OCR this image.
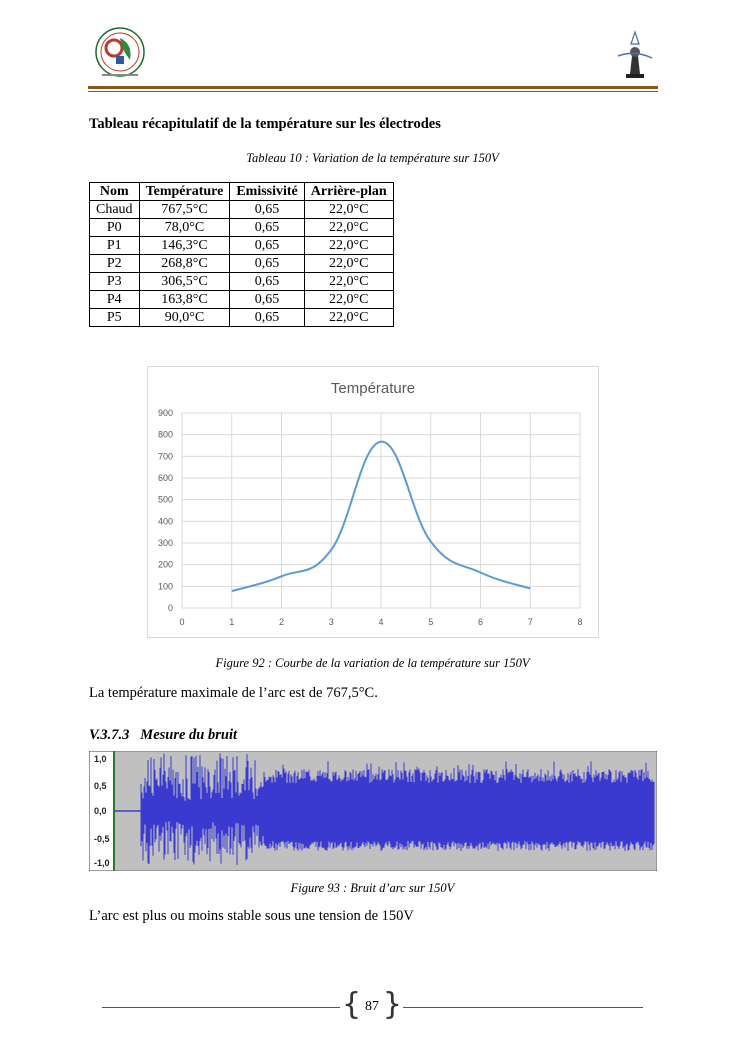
Tableau récapitulatif de la température sur les électrodes
Tableau 10 : Variation de la température sur 150V
Nom	Température	Emissivité	Arrière-plan
Chaud	767,5°C	0,65	22,0°C
P0	78,0°C	0,65	22,0°C
P1	146,3°C	0,65	22,0°C
P2	268,8°C	0,65	22,0°C
P3	306,5°C	0,65	22,0°C
P4	163,8°C	0,65	22,0°C
P5	90,0°C	0,65	22,0°C
Température
0
100
200
300
400
500
600
700
800
900
0	1	2	3	4	5	6	7	8
Figure 92 : Courbe de la variation de la température sur 150V
La température maximale de l’arc est de 767,5°C.
V.3.7.3   Mesure du bruit
1,0
0,5
0,0
-0,5
-1,0
Figure 93 : Bruit d’arc sur 150V
L’arc est plus ou moins stable sous une tension de 150V
{ 87 }
